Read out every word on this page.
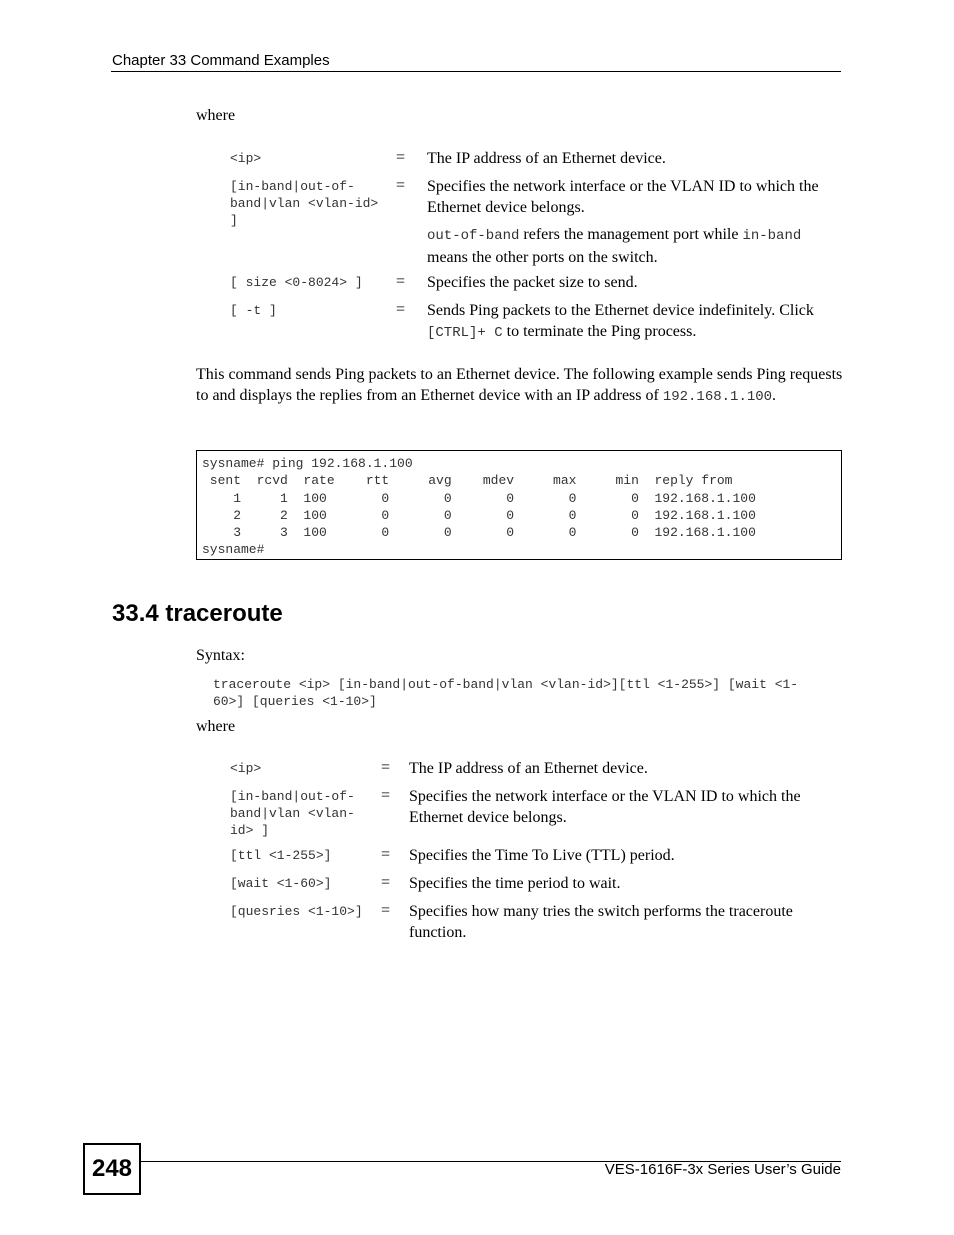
Chapter 33 Command Examples
where
<ip>	= The IP address of an Ethernet device.
[in-band|out-of-
band|vlan <vlan-id>
]
= Specifies the network interface or the VLAN ID to which the Ethernet device belongs.
out-of-band refers the management port while in-band means the other ports on the switch.
[ size <0-8024> ] = Specifies the packet size to send.
[ -t ]	= Sends Ping packets to the Ethernet device indefinitely. Click [CTRL]+ C to terminate the Ping process.
This command sends Ping packets to an Ethernet device. The following example sends Ping requests to and displays the replies from an Ethernet device with an IP address of 192.168.1.100.
sysname# ping 192.168.1.100
sent  rcvd  rate    rtt     avg    mdev     max     min  reply from
1     1  100       0       0       0       0       0  192.168.1.100
2     2  100       0       0       0       0       0  192.168.1.100
3     3  100       0       0       0       0       0  192.168.1.100
sysname#
33.4 traceroute
Syntax:
traceroute <ip> [in-band|out-of-band|vlan <vlan-id>][ttl <1-255>] [wait <1-
60>] [queries <1-10>]
where
<ip>	= The IP address of an Ethernet device.
[in-band|out-of-
band|vlan <vlan-
id> ]
= Specifies the network interface or the VLAN ID to which the Ethernet device belongs.
[ttl <1-255>]	= Specifies the Time To Live (TTL) period.
[wait <1-60>]	= Specifies the time period to wait.
[quesries <1-10>] = Specifies how many tries the switch performs the traceroute function.
248	VES-1616F-3x Series User’s Guide
